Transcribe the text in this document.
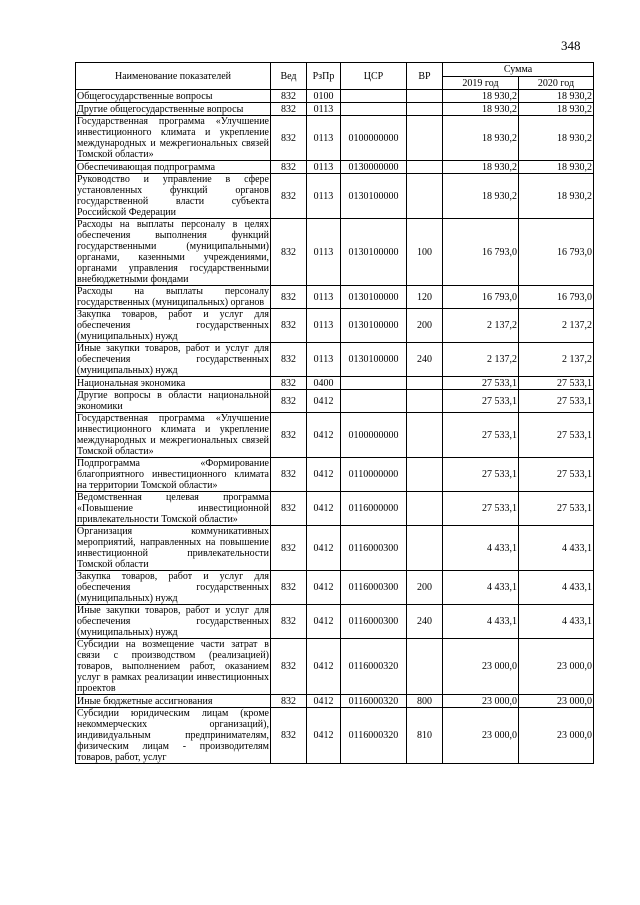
348
Наименование показателей	Вед	РзПр	ЦСР	ВР	Сумма	
					2019 год	2020 год
Общегосударственные вопросы	832	0100			18 930,2	18 930,2
Другие общегосударственные вопросы	832	0113			18 930,2	18 930,2
Государственная программа «Улучшение инвестиционного климата и укрепление международных и межрегиональных связей Томской области»	832	0113	0100000000		18 930,2	18 930,2
Обеспечивающая подпрограмма	832	0113	0130000000		18 930,2	18 930,2
Руководство и управление в сфере установленных функций органов государственной власти субъекта Российской Федерации	832	0113	0130100000		18 930,2	18 930,2
Расходы на выплаты персоналу в целях обеспечения выполнения функций государственными (муниципальными) органами, казенными учреждениями, органами управления государственными внебюджетными фондами	832	0113	0130100000	100	16 793,0	16 793,0
Расходы на выплаты персоналу государственных (муниципальных) органов	832	0113	0130100000	120	16 793,0	16 793,0
Закупка товаров, работ и услуг для обеспечения государственных (муниципальных) нужд	832	0113	0130100000	200	2 137,2	2 137,2
Иные закупки товаров, работ и услуг для обеспечения государственных (муниципальных) нужд	832	0113	0130100000	240	2 137,2	2 137,2
Национальная экономика	832	0400			27 533,1	27 533,1
Другие вопросы в области национальной экономики	832	0412			27 533,1	27 533,1
Государственная программа «Улучшение инвестиционного климата и укрепление международных и межрегиональных связей Томской области»	832	0412	0100000000		27 533,1	27 533,1
Подпрограмма «Формирование благоприятного инвестиционного климата на территории Томской области»	832	0412	0110000000		27 533,1	27 533,1
Ведомственная целевая программа «Повышение инвестиционной привлекательности Томской области»	832	0412	0116000000		27 533,1	27 533,1
Организация коммуникативных мероприятий, направленных на повышение инвестиционной привлекательности Томской области	832	0412	0116000300		4 433,1	4 433,1
Закупка товаров, работ и услуг для обеспечения государственных (муниципальных) нужд	832	0412	0116000300	200	4 433,1	4 433,1
Иные закупки товаров, работ и услуг для обеспечения государственных (муниципальных) нужд	832	0412	0116000300	240	4 433,1	4 433,1
Субсидии на возмещение части затрат в связи с производством (реализацией) товаров, выполнением работ, оказанием услуг в рамках реализации инвестиционных проектов	832	0412	0116000320		23 000,0	23 000,0
Иные бюджетные ассигнования	832	0412	0116000320	800	23 000,0	23 000,0
Субсидии юридическим лицам (кроме некоммерческих организаций), индивидуальным предпринимателям, физическим лицам - производителям товаров, работ, услуг	832	0412	0116000320	810	23 000,0	23 000,0
